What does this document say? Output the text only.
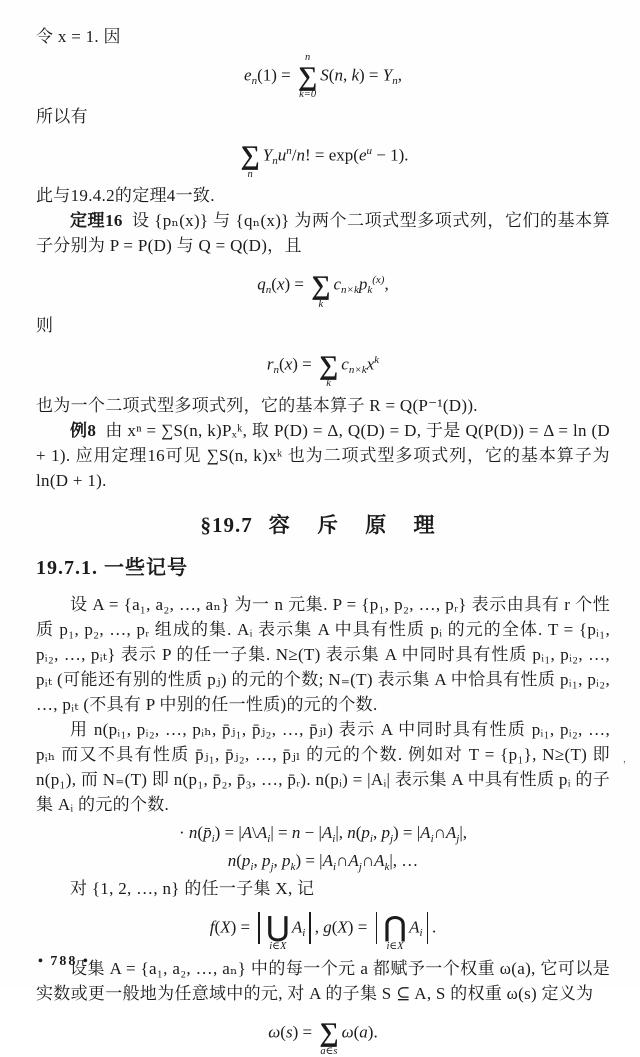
令 x = 1. 因

$e_n(1)$ =
n
∑
k=0
S(n, $k) = Y_n$,

所以有

∑
n
$Y_nu^n/n$! = $\exp(e^u - 1)$.

此与19.4.2的定理4一致.

定理16 设 {pₙ(x)} 与 {qₙ(x)} 为两个二项式型多项式列，它们的基本算子分别为 P = P(D) 与 Q = Q(D)，且

$q_n(x)$ =
∑
k
$c_{n\times k}p_k^{(x)}$,

则

$r_n(x)$ =
∑
k
$c_{n\times k}x^k$

也为一个二项式型多项式列，它的基本算子 R = Q(P⁻¹(D)).

例8 由 xⁿ = ∑S(n, k)Pₓᵏ, 取 P(D) = Δ, Q(D) = D, 于是 Q(P(D)) = Δ = ln (D + 1). 应用定理16可见 ∑S(n, k)xᵏ 也为二项式型多项式列，它的基本算子为 ln(D + 1).

§19.7 容 斥 原 理
19.7.1. 一些记号

设 A = {a₁, a₂, …, aₙ} 为一 n 元集. P = {p₁, p₂, …, pᵣ} 表示由具有 r 个性质 p₁, p₂, …, pᵣ 组成的集. Aᵢ 表示集 A 中具有性质 pᵢ 的元的全体. T = {pᵢ₁, pᵢ₂, …, pᵢₜ} 表示 P 的任一子集. N≥(T) 表示集 A 中同时具有性质 pᵢ₁, pᵢ₂, …, pᵢₜ (可能还有别的性质 pⱼ) 的元的个数; N₌(T) 表示集 A 中恰具有性质 pᵢ₁, pᵢ₂, …, pᵢₜ (不具有 P 中别的任一性质)的元的个数.

用 n(pᵢ₁, pᵢ₂, …, pᵢₕ, p̄ⱼ₁, p̄ⱼ₂, …, p̄ⱼₗ) 表示 A 中同时具有性质 pᵢ₁, pᵢ₂, …, pᵢₕ 而又不具有性质 p̄ⱼ₁, p̄ⱼ₂, …, p̄ⱼₗ 的元的个数. 例如对 T = {p₁}, N≥(T) 即 n(p₁), 而 N₌(T) 即 n(p₁, p̄₂, p̄₃, …, p̄ᵣ). n(pᵢ) = |Aᵢ| 表示集 A 中具有性质 pᵢ 的子集 Aᵢ 的元的个数.

· $n(p̄_i)$ = $|A\backslash A_i| = n - |A_i|$, $n(p_i$, $p_j$) = $|A_i\cap A_j|$,
$n(p_i$, $p_j$, $p_k$) = $|A_i\cap A_j\cap A_k|$, …

对 {1, 2, …, n} 的任一子集 X, 记

f(X) =
⋃
i∈X
$A_i$ , g(X) =
⋂
i∈X
$A_i$ .

设集 A = {a₁, a₂, …, aₙ} 中的每一个元 a 都赋予一个权重 ω(a), 它可以是实数或更一般地为任意域中的元, 对 A 的子集 S ⊆ A, S 的权重 ω(s) 定义为

ω(s) =
∑
a∈s
ω(a).
• 788 •
，
